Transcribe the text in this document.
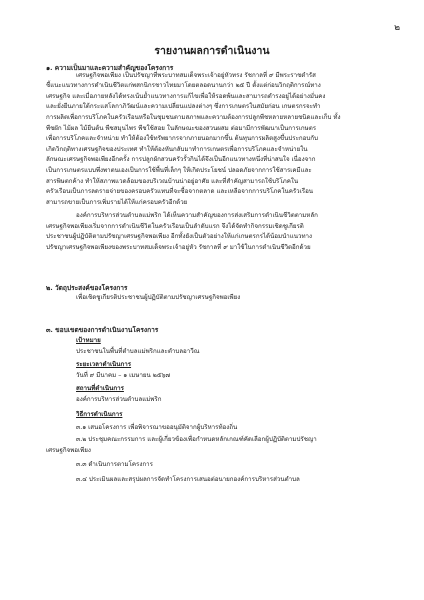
๒
รายงานผลการดำเนินงาน
๑. ความเป็นมาและความสำคัญของโครงการ
เศรษฐกิจพอเพียง เป็นปรัชญาที่พระบาทสมเด็จพระเจ้าอยู่หัวทรง รัชกาลที่ ๙ มีพระราชดำรัส
ชี้แนะแนวทางการดำเนินชีวิตแก่พสกนิกรชาวไทยมาโดยตลอดนานกว่า ๒๕ ปี ตั้งแต่ก่อนวิกฤติการณ์ทาง
เศรษฐกิจ และเมื่อภายหลังได้ทรงเน้นย้ำแนวทางการแก้ไขเพื่อให้รอดพ้นและสามารถดำรงอยู่ได้อย่างมั่นคง
และยั่งยืนภายใต้กระแสโลกาภิวัฒน์และความเปลี่ยนแปลงต่างๆ ซึ่งการเกษตรในสมัยก่อน เกษตรกรจะทำ
การผลิตเพื่อการบริโภคในครัวเรือนหรือในชุมชนตามสภาพและความต้องการปลูกพืชหลายหลายชนิดและเก็บ ทั้ง
พืชผัก ไม้ผล ไม้ยืนต้น พืชสมุนไพร พืชใช้สอย ในลักษณะของสวนผสม ต่อมามีการพัฒนาเป็นการเกษตร
เพื่อการบริโภคและจำหน่าย ทำให้ต้องใช้ทรัพยากรจากภายนอกมากขึ้น ต้นทุนการผลิตสูงขึ้นประกอบกับ
เกิดวิกฤติทางเศรษฐกิจของประเทศ ทำให้ต้องหันกลับมาทำการเกษตรเพื่อการบริโภคและจำหน่ายใน
ลักษณะเศรษฐกิจพอเพียงอีกครั้ง การปลูกผักสวนครัวรั้วกินได้จึงเป็นอีกแนวทางหนึ่งที่น่าสนใจ เนื่องจาก
เป็นการเกษตรแบบพึ่งพาตนเองเป็นการใช้พื้นที่เล็กๆ ให้เกิดประโยชน์ ปลอดภัยจากการใช้สารเคมีและ
สารพิษตกค้าง ทำให้สภาพแวดล้อมของบริเวณบ้านน่าอยู่อาศัย และที่สำคัญสามารถใช้บริโภคใน
ครัวเรือนเป็นการลดรายจ่ายของครอบครัวแทนที่จะซื้อจากตลาด และเหลือจากการบริโภคในครัวเรือน
สามารถขายเป็นการเพิ่มรายได้ให้แก่ครอบครัวอีกด้วย
องค์การบริหารส่วนตำบลแม่พริก ได้เห็นความสำคัญของการส่งเสริมการดำเนินชีวิตตามหลัก
เศรษฐกิจพอเพียงเริ่มจากการดำเนินชีวิตในครัวเรือนเป็นลำดับแรก จึงได้จัดทำกิจกรรมเชิดชูเกียรติ
ประชาชนผู้ปฏิบัติตามปรัชญาเศรษฐกิจพอเพียง อีกทั้งยังเป็นตัวอย่างให้แก่เกษตรกรได้น้อมนำแนวทาง
ปรัชญาเศรษฐกิจพอเพียงของพระบาทสมเด็จพระเจ้าอยู่หัว รัชกาลที่ ๙ มาใช้ในการดำเนินชีวิตอีกด้วย
๒. วัตถุประสงค์ของโครงการ
เพื่อเชิดชูเกียรติประชาชนผู้ปฏิบัติตามปรัชญาเศรษฐกิจพอเพียง
๓. ขอบเขตของการดำเนินงานโครงการ
เป้าหมาย
ประชาชนในพื้นที่ตำบลแม่พริกและตำบลอาวีณ
ระยะเวลาดำเนินการ
วันที่ ๙ มีนาคม – ๑ เมษายน ๒๕๖๗
สถานที่ดำเนินการ
องค์การบริหารส่วนตำบลแม่พริก
วิธีการดำเนินการ
๓.๑ เสนอโครงการ เพื่อพิจารณาขออนุมัติจากผู้บริหารท้องถิ่น
๓.๒ ประชุมคณะกรรมการ และผู้เกี่ยวข้องเพื่อกำหนดหลักเกณฑ์คัดเลือกผู้ปฏิบัติตามปรัชญา
เศรษฐกิจพอเพียง
๓.๓ ดำเนินการตามโครงการ
๓.๔ ประเมินผลและสรุปผลการจัดทำโครงการเสนอต่อนายกองค์การบริหารส่วนตำบล
